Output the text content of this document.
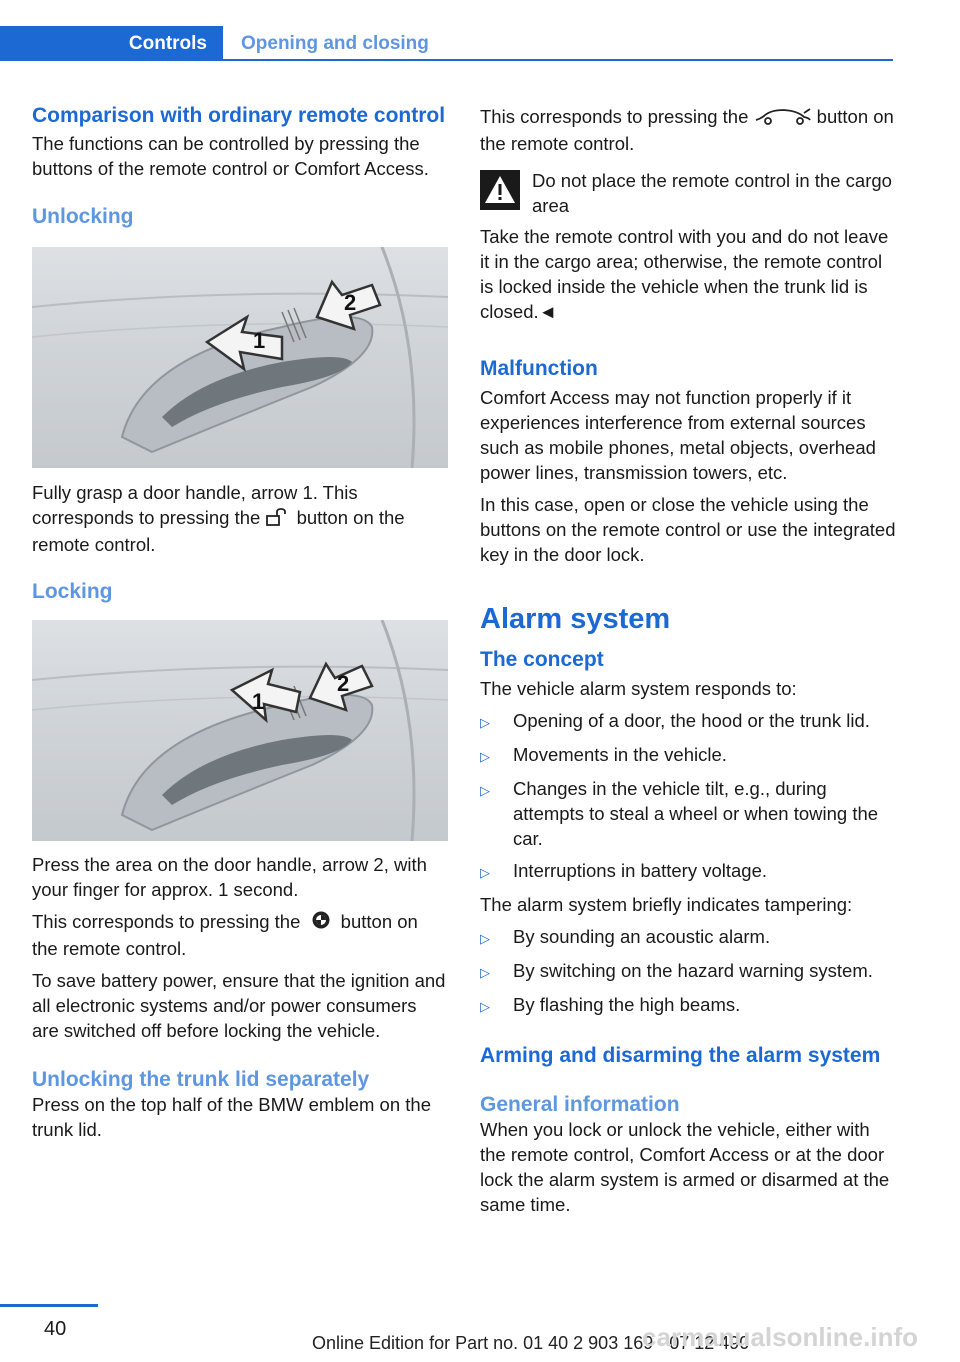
Controls Opening and closing
Comparison with ordinary remote control

The functions can be controlled by pressing the buttons of the remote control or Comfort Access.

Unlocking
1
2

Fully grasp a door handle, arrow 1. This corresponds to pressing the button on the remote control.

Locking
1
2

Press the area on the door handle, arrow 2, with your finger for approx. 1 second.

This corresponds to pressing the button on the remote control.

To save battery power, ensure that the ignition and all electronic systems and/or power consumers are switched off before locking the vehicle.

Unlocking the trunk lid separately

Press on the top half of the BMW emblem on the trunk lid.

This corresponds to pressing the	button on the remote control.

Do not place the remote control in the cargo area

Take the remote control with you and do not leave it in the cargo area; otherwise, the remote control is locked inside the vehicle when the trunk lid is closed.◄

Malfunction

Comfort Access may not function properly if it experiences interference from external sources such as mobile phones, metal objects, overhead power lines, transmission towers, etc.

In this case, open or close the vehicle using the buttons on the remote control or use the integrated key in the door lock.

Alarm system
The concept

The vehicle alarm system responds to:

▷	Opening of a door, the hood or the trunk lid.
▷	Movements in the vehicle.
▷	Changes in the vehicle tilt, e.g., during attempts to steal a wheel or when towing the car.
▷	Interruptions in battery voltage.

The alarm system briefly indicates tampering:

▷	By sounding an acoustic alarm.
▷	By switching on the hazard warning system.
▷	By flashing the high beams.
Arming and disarming the alarm system
General information

When you lock or unlock the vehicle, either with the remote control, Comfort Access or at the door lock the alarm system is armed or disarmed at the same time.

40
Online Edition for Part no. 01 40 2 903 169 - 07 12 490
carmanualsonline.info
